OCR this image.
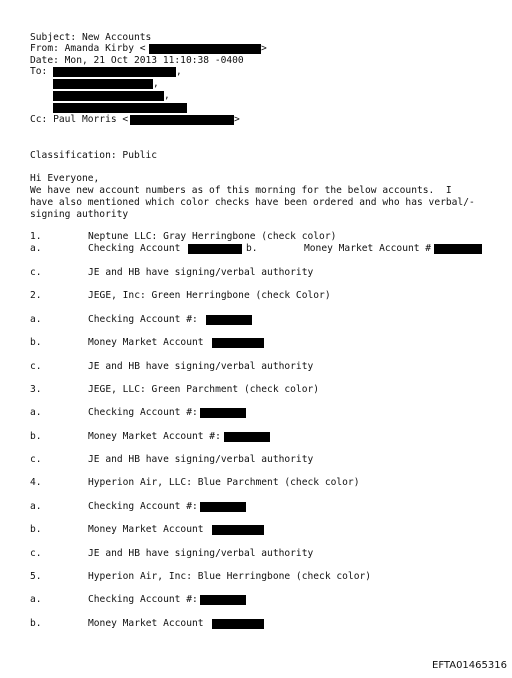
Subject: New Accounts
From: Amanda Kirby <	>
Date: Mon, 21 Oct 2013 11:10:38 -0400
To:	,
,
,
Cc: Paul Morris <	>
Classification: Public
Hi Everyone,
We have new account numbers as of this morning for the below accounts.  I
have also mentioned which color checks have been ordered and who has verbal/-
signing authority
1.	Neptune LLC: Gray Herringbone (check color)
a.	Checking Account	b.	Money Market Account #
c.	JE and HB have signing/verbal authority
2.	JEGE, Inc: Green Herringbone (check Color)
a.	Checking Account #:
b.	Money Market Account
c.	JE and HB have signing/verbal authority
3.	JEGE, LLC: Green Parchment (check color)
a.	Checking Account #:
b.	Money Market Account #:
c.	JE and HB have signing/verbal authority
4.	Hyperion Air, LLC: Blue Parchment (check color)
a.	Checking Account #:
b.	Money Market Account
c.	JE and HB have signing/verbal authority
5.	Hyperion Air, Inc: Blue Herringbone (check color)
a.	Checking Account #:
b.	Money Market Account
EFTA01465316
